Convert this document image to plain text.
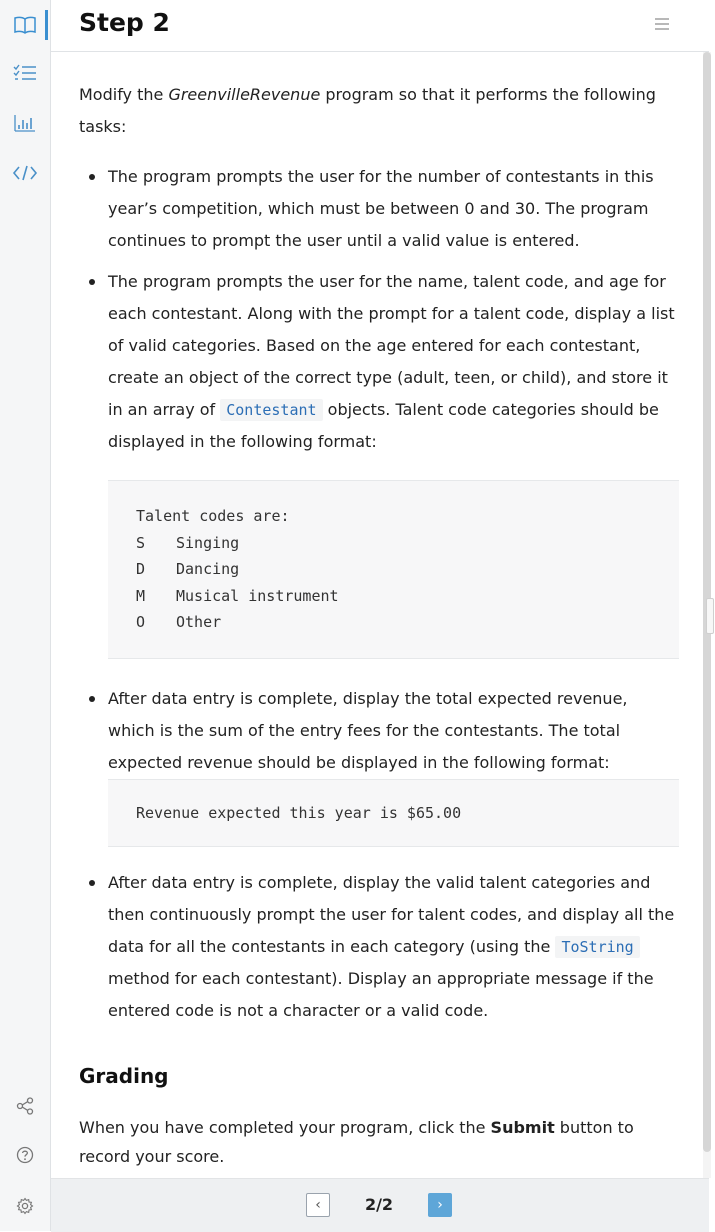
Step 2

Modify the GreenvilleRevenue program so that it performs the following tasks:

The program prompts the user for the number of contestants in this year’s competition, which must be between 0 and 30. The program continues to prompt the user until a valid value is entered.
The program prompts the user for the name, talent code, and age for each contestant. Along with the prompt for a talent code, display a list of valid categories. Based on the age entered for each contestant, create an object of the correct type (adult, teen, or child), and store it in an array of Contestant objects. Talent code categories should be displayed in the following format:
Talent codes are:
S	Singing
D	Dancing
M	Musical instrument
O	Other
After data entry is complete, display the total expected revenue, which is the sum of the entry fees for the contestants. The total expected revenue should be displayed in the following format:
Revenue expected this year is $65.00
After data entry is complete, display the valid talent categories and then continuously prompt the user for talent codes, and display all the data for all the contestants in each category (using the ToString method for each contestant). Display an appropriate message if the entered code is not a character or a valid code.
Grading

When you have completed your program, click the Submit button to record your score.

‹	2/2	›
